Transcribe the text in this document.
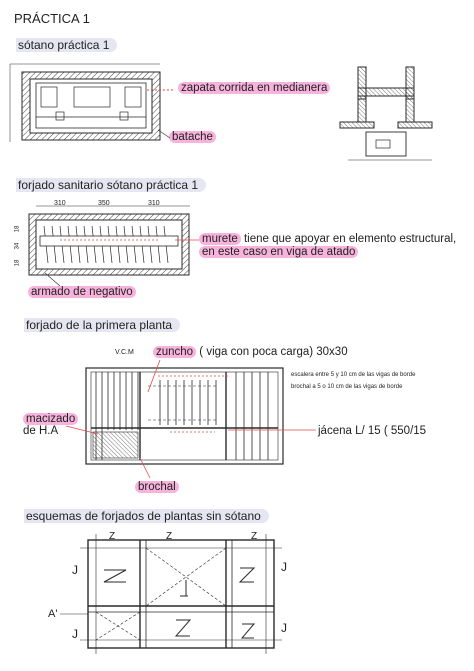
PRÁCTICA 1
sótano práctica 1
zapata corrida en medianera
batache
forjado sanitario sótano práctica 1
310	350	310
18
34
18
murete tiene que apoyar en elemento estructural,
en este caso en viga de atado
armado de negativo
forjado de la primera planta
V.C.M zuncho ( viga con poca carga) 30x30
escalera entre 5 y 10 cm de las vigas de borde
brochal a 5 o 10 cm de las vigas de borde
macizado
de H.A	jácena L/ 15 ( 550/15
brochal
esquemas de forjados de plantas sin sótano
Z	Z	Z
J
A'
J
J
J
